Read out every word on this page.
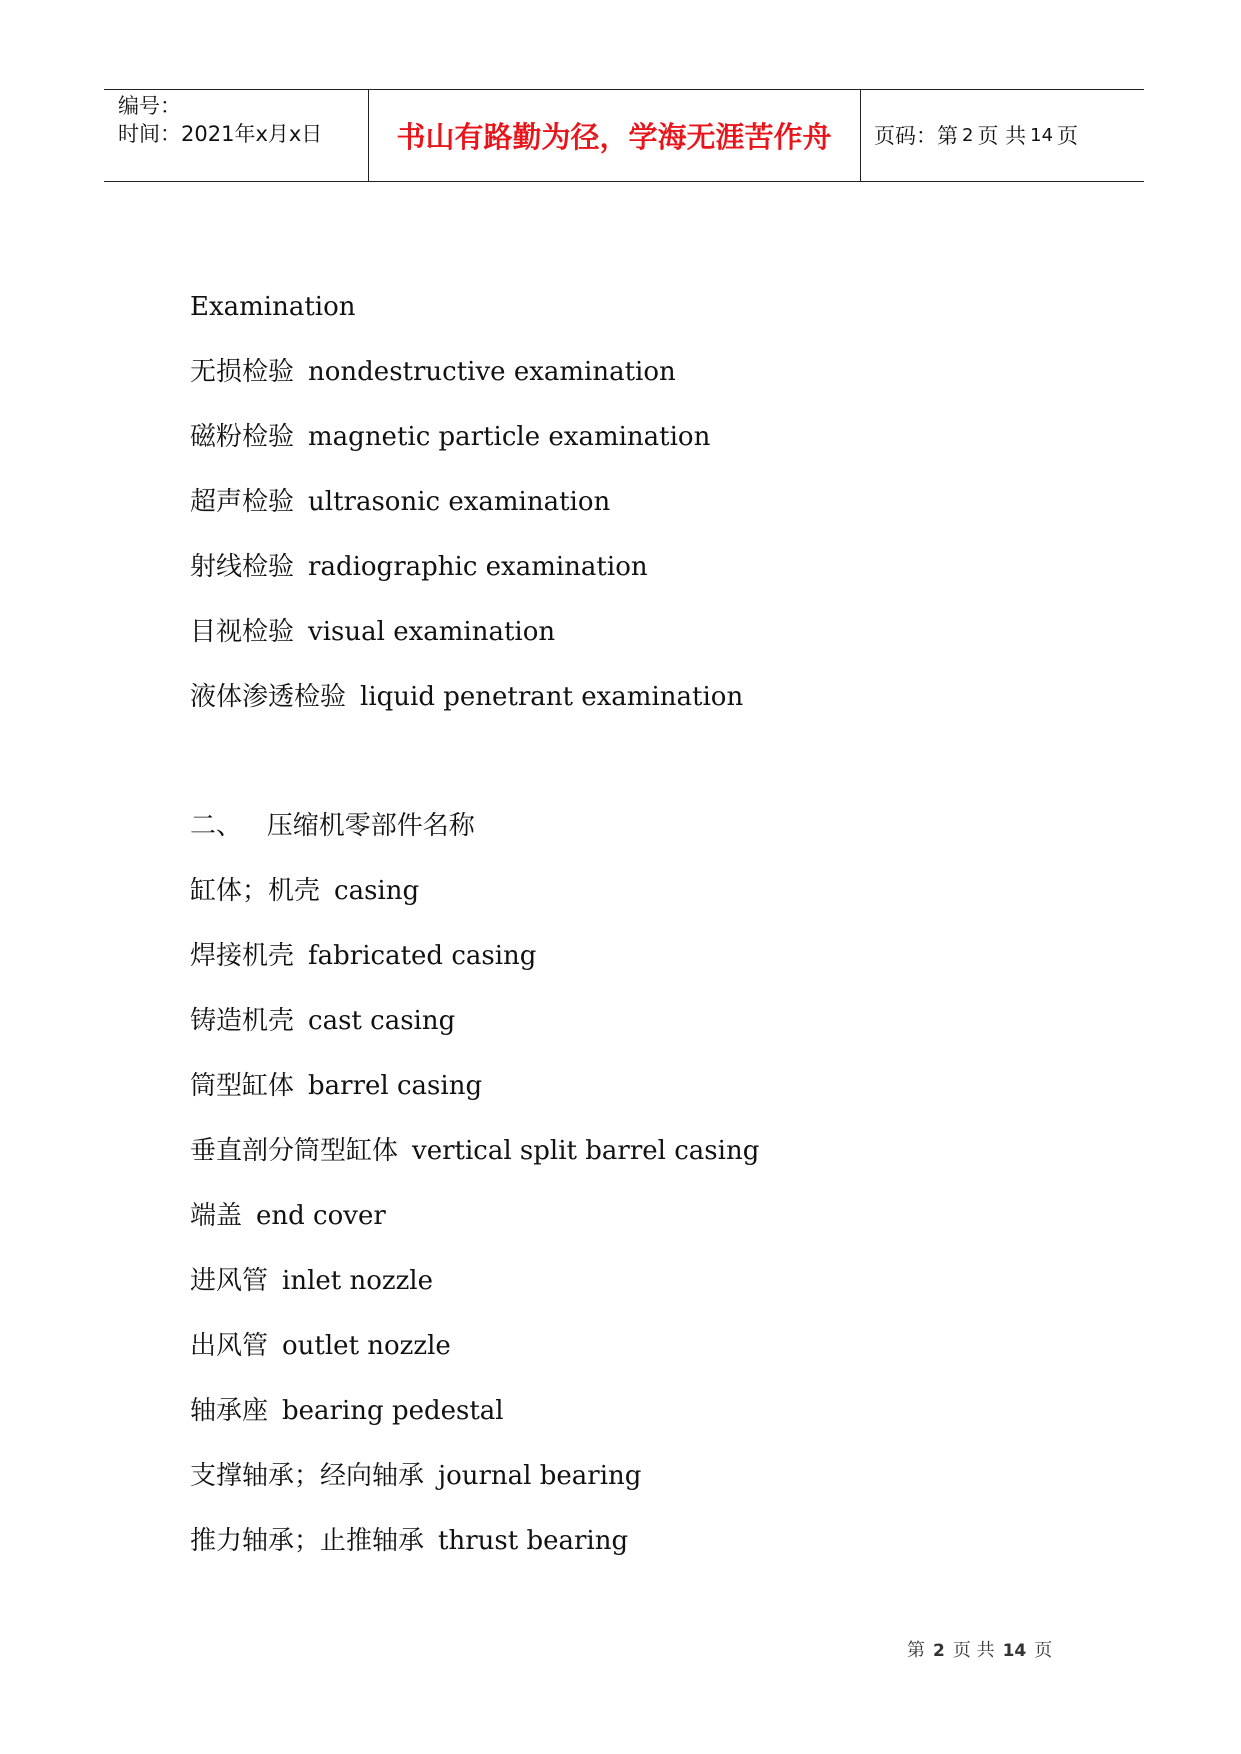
编号：
时间：2021年x月x日	书山有路勤为径，学海无涯苦作舟	页码：第 2 页 共 14 页
Examination
无损检验 nondestructive examination
磁粉检验 magnetic particle examination
超声检验 ultrasonic examination
射线检验 radiographic examination
目视检验 visual examination
液体渗透检验 liquid penetrant examination
二、   压缩机零部件名称
缸体；机壳 casing
焊接机壳 fabricated casing
铸造机壳 cast casing
筒型缸体 barrel casing
垂直剖分筒型缸体 vertical split barrel casing
端盖 end cover
进风管 inlet nozzle
出风管 outlet nozzle
轴承座 bearing pedestal
支撑轴承；经向轴承 journal bearing
推力轴承；止推轴承 thrust bearing
第 2 页 共 14 页
